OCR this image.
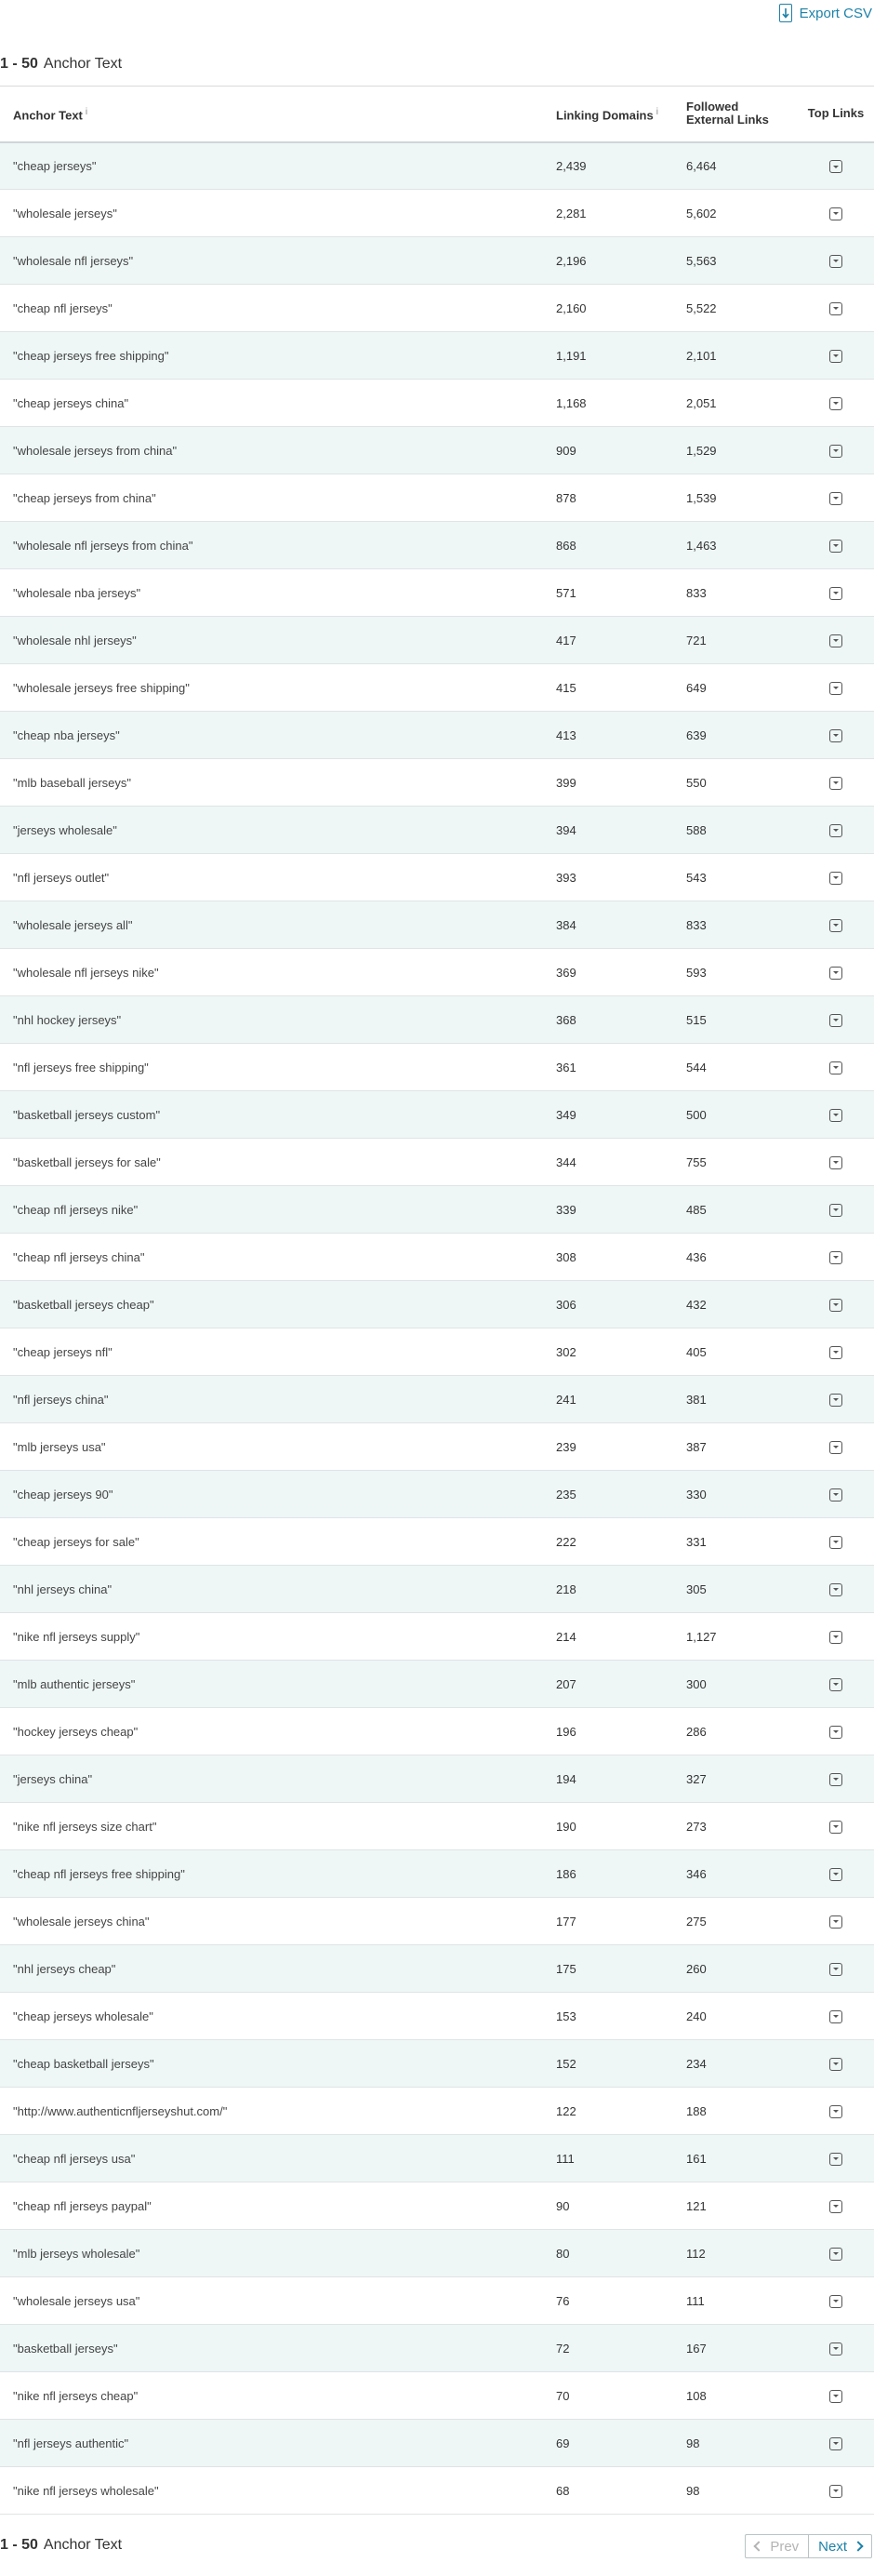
Export CSV
1 - 50 Anchor Text
Anchor Text $^i$	Linking Domains $^i$	Followed
External Links	Top Links
"cheap jerseys"	2,439	6,464	
"wholesale jerseys"	2,281	5,602	
"wholesale nfl jerseys"	2,196	5,563	
"cheap nfl jerseys"	2,160	5,522	
"cheap jerseys free shipping"	1,191	2,101	
"cheap jerseys china"	1,168	2,051	
"wholesale jerseys from china"	909	1,529	
"cheap jerseys from china"	878	1,539	
"wholesale nfl jerseys from china"	868	1,463	
"wholesale nba jerseys"	571	833	
"wholesale nhl jerseys"	417	721	
"wholesale jerseys free shipping"	415	649	
"cheap nba jerseys"	413	639	
"mlb baseball jerseys"	399	550	
"jerseys wholesale"	394	588	
"nfl jerseys outlet"	393	543	
"wholesale jerseys all"	384	833	
"wholesale nfl jerseys nike"	369	593	
"nhl hockey jerseys"	368	515	
"nfl jerseys free shipping"	361	544	
"basketball jerseys custom"	349	500	
"basketball jerseys for sale"	344	755	
"cheap nfl jerseys nike"	339	485	
"cheap nfl jerseys china"	308	436	
"basketball jerseys cheap"	306	432	
"cheap jerseys nfl"	302	405	
"nfl jerseys china"	241	381	
"mlb jerseys usa"	239	387	
"cheap jerseys 90"	235	330	
"cheap jerseys for sale"	222	331	
"nhl jerseys china"	218	305	
"nike nfl jerseys supply"	214	1,127	
"mlb authentic jerseys"	207	300	
"hockey jerseys cheap"	196	286	
"jerseys china"	194	327	
"nike nfl jerseys size chart"	190	273	
"cheap nfl jerseys free shipping"	186	346	
"wholesale jerseys china"	177	275	
"nhl jerseys cheap"	175	260	
"cheap jerseys wholesale"	153	240	
"cheap basketball jerseys"	152	234	
"http://www.authenticnfljerseyshut.com/"	122	188	
"cheap nfl jerseys usa"	111	161	
"cheap nfl jerseys paypal"	90	121	
"mlb jerseys wholesale"	80	112	
"wholesale jerseys usa"	76	111	
"basketball jerseys"	72	167	
"nike nfl jerseys cheap"	70	108	
"nfl jerseys authentic"	69	98	
"nike nfl jerseys wholesale"	68	98	
1 - 50 Anchor Text	Prev Next
